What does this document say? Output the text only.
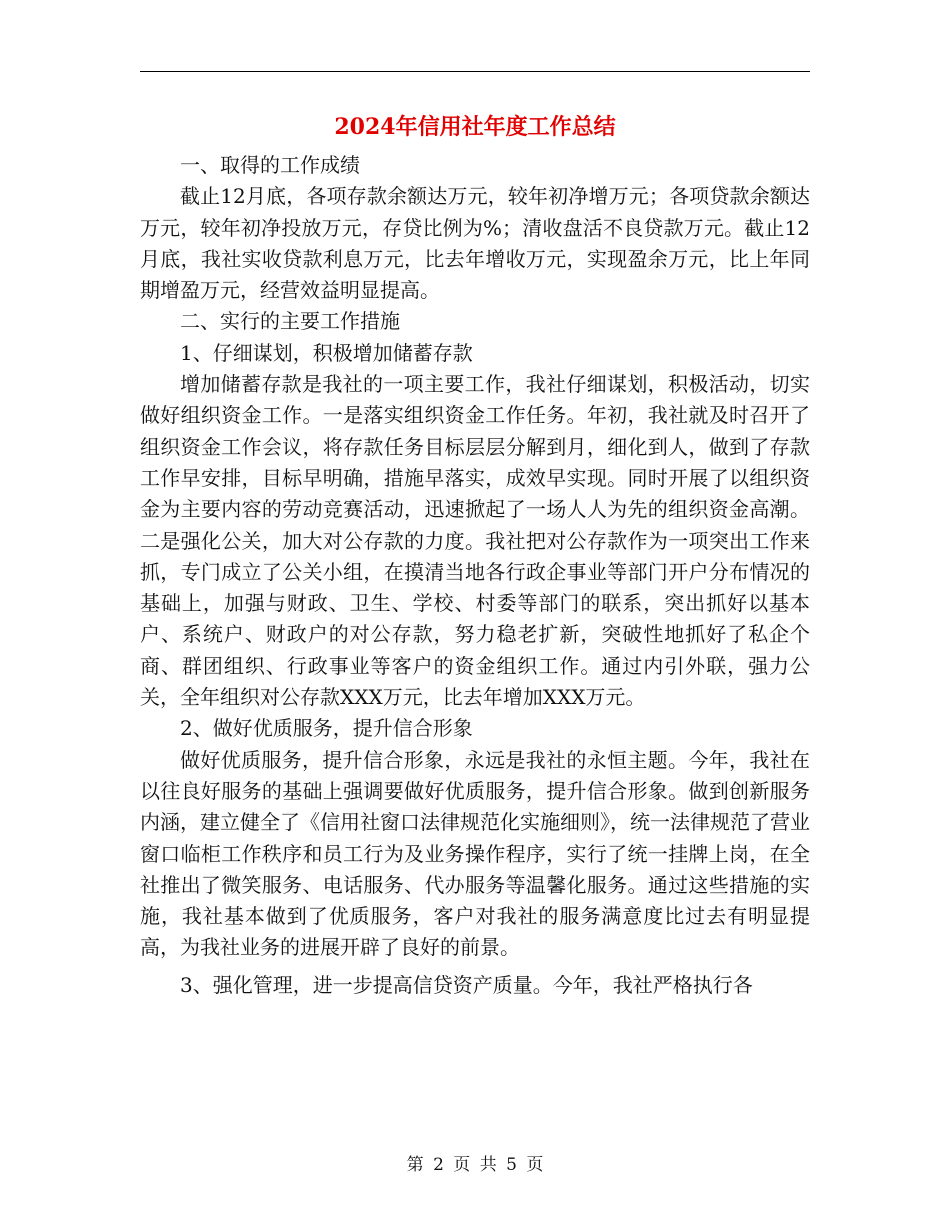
2024年信用社年度工作总结

一、取得的工作成绩

截止12月底，各项存款余额达万元，较年初净增万元；各项贷款余额达万元，较年初净投放万元，存贷比例为%；清收盘活不良贷款万元。截止12月底，我社实收贷款利息万元，比去年增收万元，实现盈余万元，比上年同期增盈万元，经营效益明显提高。

二、实行的主要工作措施

1、仔细谋划，积极增加储蓄存款

增加储蓄存款是我社的一项主要工作，我社仔细谋划，积极活动，切实做好组织资金工作。一是落实组织资金工作任务。年初，我社就及时召开了组织资金工作会议，将存款任务目标层层分解到月，细化到人，做到了存款工作早安排，目标早明确，措施早落实，成效早实现。同时开展了以组织资金为主要内容的劳动竞赛活动，迅速掀起了一场人人为先的组织资金高潮。二是强化公关，加大对公存款的力度。我社把对公存款作为一项突出工作来抓，专门成立了公关小组，在摸清当地各行政企事业等部门开户分布情况的基础上，加强与财政、卫生、学校、村委等部门的联系，突出抓好以基本户、系统户、财政户的对公存款，努力稳老扩新，突破性地抓好了私企个商、群团组织、行政事业等客户的资金组织工作。通过内引外联，强力公关，全年组织对公存款XXX万元，比去年增加XXX万元。

2、做好优质服务，提升信合形象

做好优质服务，提升信合形象，永远是我社的永恒主题。今年，我社在以往良好服务的基础上强调要做好优质服务，提升信合形象。做到创新服务内涵，建立健全了《信用社窗口法律规范化实施细则》，统一法律规范了营业窗口临柜工作秩序和员工行为及业务操作程序，实行了统一挂牌上岗，在全社推出了微笑服务、电话服务、代办服务等温馨化服务。通过这些措施的实施，我社基本做到了优质服务，客户对我社的服务满意度比过去有明显提高，为我社业务的进展开辟了良好的前景。

3、强化管理，进一步提高信贷资产质量。今年，我社严格执行各

第 2 页 共 5 页
